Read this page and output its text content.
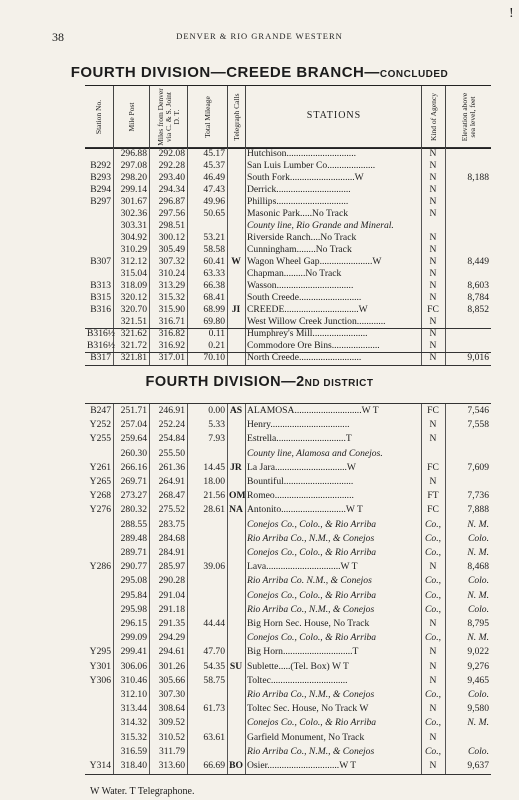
38	DENVER & RIO GRANDE WESTERN
!
FOURTH DIVISION—CREEDE BRANCH—CONCLUDED
Station No.	Mile Post	Miles from Denver via C. & S. Joint D. T.	Total Mileage	Telegraph Calls	STATIONS	Kind of Agency	Elevation above sea level, feet
296.88	292.08	45.17 Hutchison.............................	N
B292	297.08	292.28	45.37 San Luis Lumber Co....................	N
B293	298.20	293.40	46.49 South Fork...........................W	N	8,188
B294	299.14	294.34	47.43 Derrick...............................	N
B297	301.67	296.87	49.96 Phillips..............................	N
302.36	297.56	50.65 Masonic Park.....No Track	N
303.31	298.51	County line, Rio Grande and Mineral.
304.92	300.12	53.21 Riverside Ranch....No Track	N
310.29	305.49	58.58 Cunningham........No Track	N
B307	312.12	307.32	60.41 W Wagon Wheel Gap......................W	N	8,449
315.04	310.24	63.33 Chapman.........No Track	N
B313	318.09	313.29	66.38 Wasson................................	N	8,603
B315	320.12	315.32	68.41 South Creede..........................	N	8,784
B316	320.70	315.90	68.99 JI CREEDE...............................W	FC	8,852
321.51	316.71	69.80 West Willow Creek Junction............	N
B316½ 321.62	316.82	0.11 Humphrey's Mill.......................	N
B316½ 321.72	316.92	0.21 Commodore Ore Bins....................	N
B317	321.81	317.01	70.10 North Creede..........................	N	9,016
FOURTH DIVISION—2ND DISTRICT
B247	251.71	246.91	0.00 AS ALAMOSA............................W T	FC	7,546
Y252	257.04	252.24	5.33 Henry.................................	N	7,558
Y255	259.64	254.84	7.93 Estrella.............................T	N
260.30	255.50	County line, Alamosa and Conejos.
Y261	266.16	261.36	14.45 JR La Jara..............................W	FC	7,609
Y265	269.71	264.91	18.00 Bountiful.............................	N
Y268	273.27	268.47	21.56 OM Romeo.................................	FT	7,736
Y276	280.32	275.52	28.61 NA Antonito...........................W T	FC	7,888
288.55	283.75	Conejos Co., Colo., & Rio Arriba	Co.,	N. M.
289.48	284.68	Rio Arriba Co., N.M., & Conejos	Co.,	Colo.
289.71	284.91	Conejos Co., Colo., & Rio Arriba	Co.,	N. M.
Y286	290.77	285.97	39.06 Lava...............................W T	N	8,468
295.08	290.28	Rio Arriba Co. N.M., & Conejos	Co.,	Colo.
295.84	291.04	Conejos Co., Colo., & Rio Arriba	Co.,	N. M.
295.98	291.18	Rio Arriba Co., N.M., & Conejos	Co.,	Colo.
296.15	291.35	44.44 Big Horn Sec. House, No Track	N	8,795
299.09	294.29	Conejos Co., Colo., & Rio Arriba	Co.,	N. M.
Y295	299.41	294.61	47.70 Big Horn.............................T	N	9,022
Y301	306.06	301.26	54.35 SU Sublette.....(Tel. Box) W T	N	9,276
Y306	310.46	305.66	58.75 Toltec................................	N	9,465
312.10	307.30	Rio Arriba Co., N.M., & Conejos	Co.,	Colo.
313.44	308.64	61.73 Toltec Sec. House, No Track W	N	9,580
314.32	309.52	Conejos Co., Colo., & Rio Arriba	Co.,	N. M.
315.32	310.52	63.61 Garfield Monument, No Track	N
316.59	311.79	Rio Arriba Co., N.M., & Conejos	Co.,	Colo.
Y314	318.40	313.60	66.69 BO Osier..............................W T	N	9,637
W Water. T Telegraphone.
